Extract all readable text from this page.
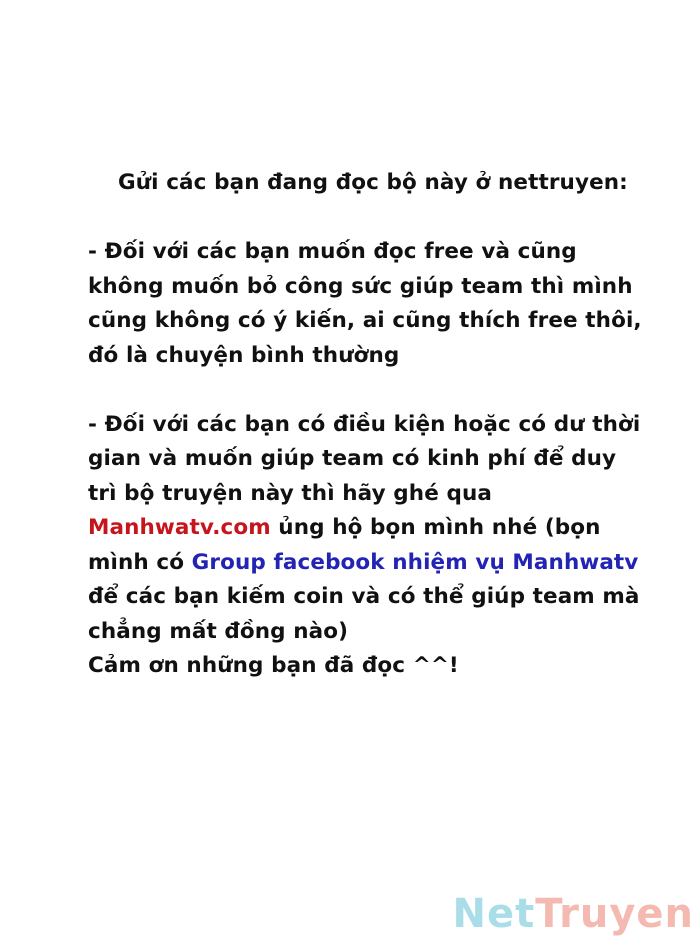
Gửi các bạn đang đọc bộ này ở nettruyen:
- Đối với các bạn muốn đọc free và cũng
không muốn bỏ công sức giúp team thì mình
cũng không có ý kiến, ai cũng thích free thôi,
đó là chuyện bình thường
- Đối với các bạn có điều kiện hoặc có dư thời
gian và muốn giúp team có kinh phí để duy
trì bộ truyện này thì hãy ghé qua
Manhwatv.com ủng hộ bọn mình nhé (bọn
mình có Group facebook nhiệm vụ Manhwatv
để các bạn kiếm coin và có thể giúp team mà
chẳng mất đồng nào)
Cảm ơn những bạn đã đọc ^^!
NetTruyen
